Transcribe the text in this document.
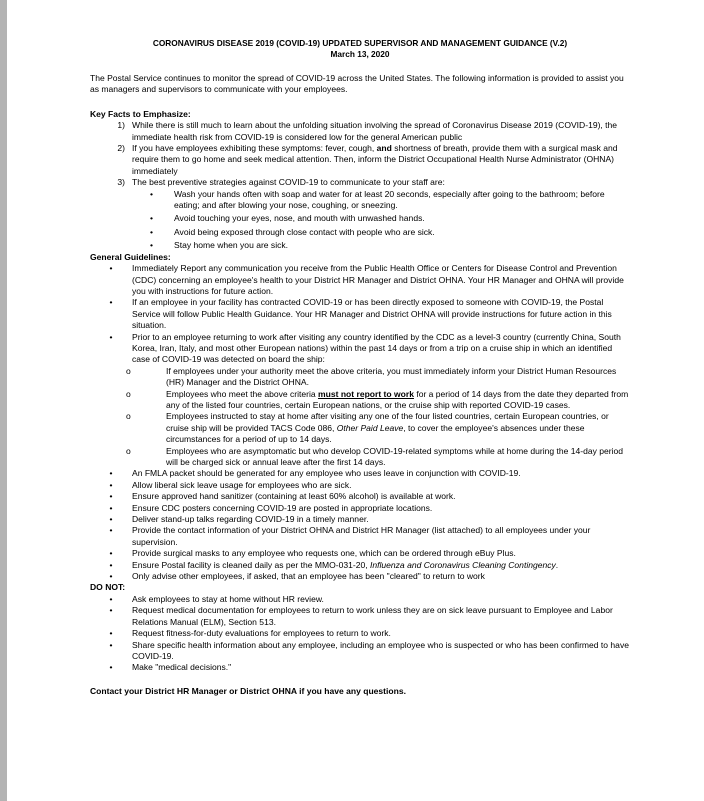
CORONAVIRUS DISEASE 2019 (COVID-19) UPDATED SUPERVISOR AND MANAGEMENT GUIDANCE (V.2)
March 13, 2020
The Postal Service continues to monitor the spread of COVID-19 across the United States. The following information is provided to assist you as managers and supervisors to communicate with your employees.
Key Facts to Emphasize:
1) While there is still much to learn about the unfolding situation involving the spread of Coronavirus Disease 2019 (COVID-19), the immediate health risk from COVID-19 is considered low for the general American public
2) If you have employees exhibiting these symptoms: fever, cough, and shortness of breath, provide them with a surgical mask and require them to go home and seek medical attention. Then, inform the District Occupational Health Nurse Administrator (OHNA) immediately
3) The best preventive strategies against COVID-19 to communicate to your staff are:
•	Wash your hands often with soap and water for at least 20 seconds, especially after going to the bathroom; before eating; and after blowing your nose, coughing, or sneezing.
•	Avoid touching your eyes, nose, and mouth with unwashed hands.
•	Avoid being exposed through close contact with people who are sick.
•	Stay home when you are sick.
General Guidelines:
•	Immediately Report any communication you receive from the Public Health Office or Centers for Disease Control and Prevention (CDC) concerning an employee's health to your District HR Manager and District OHNA. Your HR Manager and OHNA will provide you with instructions for future action.
•	If an employee in your facility has contracted COVID-19 or has been directly exposed to someone with COVID-19, the Postal Service will follow Public Health Guidance. Your HR Manager and District OHNA will provide instructions for future action in this situation.
•	Prior to an employee returning to work after visiting any country identified by the CDC as a level-3 country (currently China, South Korea, Iran, Italy, and most other European nations) within the past 14 days or from a trip on a cruise ship in which an identified case of COVID-19 was detected on board the ship:
o	If employees under your authority meet the above criteria, you must immediately inform your District Human Resources (HR) Manager and the District OHNA.
o	Employees who meet the above criteria must not report to work for a period of 14 days from the date they departed from any of the listed four countries, certain European nations, or the cruise ship with reported COVID-19 cases.
o	Employees instructed to stay at home after visiting any one of the four listed countries, certain European countries, or cruise ship will be provided TACS Code 086, Other Paid Leave, to cover the employee's absences under these circumstances for a period of up to 14 days.
o	Employees who are asymptomatic but who develop COVID-19-related symptoms while at home during the 14-day period will be charged sick or annual leave after the first 14 days.
•	An FMLA packet should be generated for any employee who uses leave in conjunction with COVID-19.
•	Allow liberal sick leave usage for employees who are sick.
•	Ensure approved hand sanitizer (containing at least 60% alcohol) is available at work.
•	Ensure CDC posters concerning COVID-19 are posted in appropriate locations.
•	Deliver stand-up talks regarding COVID-19 in a timely manner.
•	Provide the contact information of your District OHNA and District HR Manager (list attached) to all employees under your supervision.
•	Provide surgical masks to any employee who requests one, which can be ordered through eBuy Plus.
•	Ensure Postal facility is cleaned daily as per the MMO-031-20, Influenza and Coronavirus Cleaning Contingency.
•	Only advise other employees, if asked, that an employee has been "cleared" to return to work
DO NOT:
•	Ask employees to stay at home without HR review.
•	Request medical documentation for employees to return to work unless they are on sick leave pursuant to Employee and Labor Relations Manual (ELM), Section 513.
•	Request fitness-for-duty evaluations for employees to return to work.
•	Share specific health information about any employee, including an employee who is suspected or who has been confirmed to have COVID-19.
•	Make "medical decisions."
Contact your District HR Manager or District OHNA if you have any questions.
